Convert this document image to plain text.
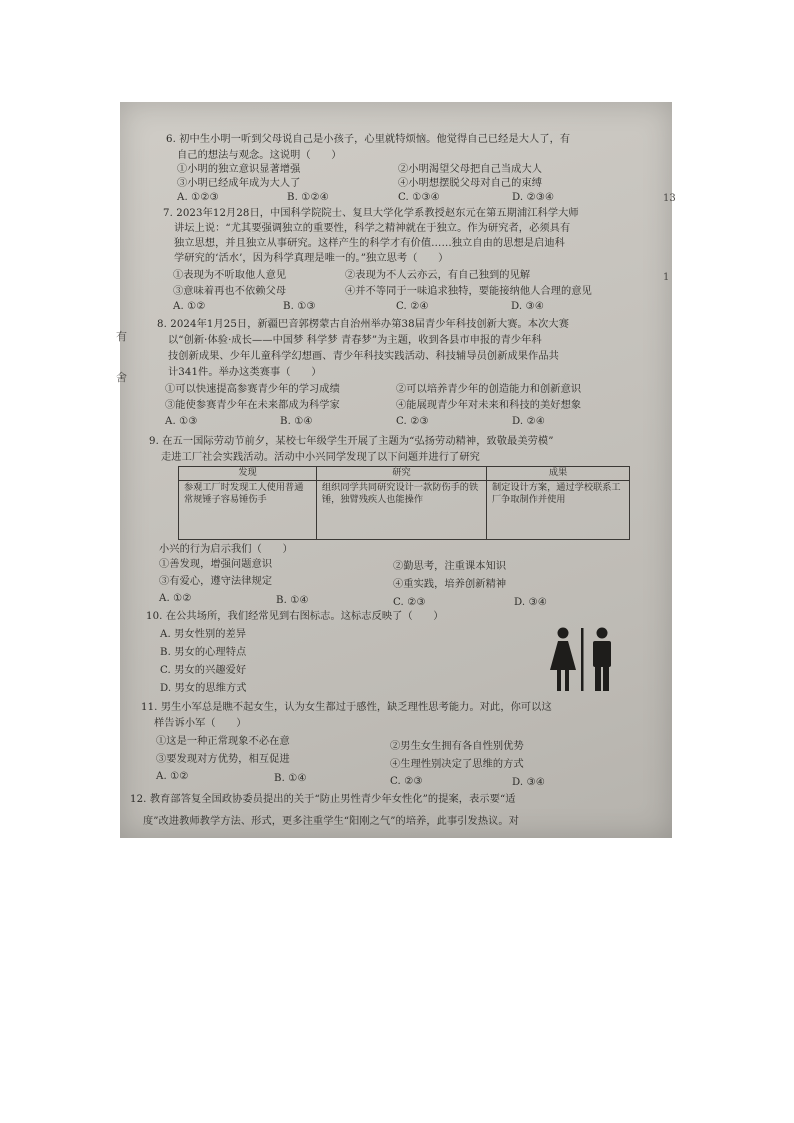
有
舍
13
1
6. 初中生小明一听到父母说自己是小孩子，心里就特烦恼。他觉得自己已经是大人了，有
自己的想法与观念。这说明（　　）
①小明的独立意识显著增强	②小明渴望父母把自己当成大人
③小明已经成年成为大人了	④小明想摆脱父母对自己的束缚
A. ①②③	B. ①②④	C. ①③④	D. ②③④
7. 2023年12月28日，中国科学院院士、复旦大学化学系教授赵东元在第五期浦江科学大师
讲坛上说：“尤其要强调独立的重要性，科学之精神就在于独立。作为研究者，必须具有
独立思想，并且独立从事研究。这样产生的科学才有价值……独立自由的思想是启迪科
学研究的‘活水’，因为科学真理是唯一的。”独立思考（　　）
①表现为不听取他人意见	②表现为不人云亦云，有自己独到的见解
③意味着再也不依赖父母	④并不等同于一味追求独特，要能接纳他人合理的意见
A. ①②	B. ①③	C. ②④	D. ③④
8. 2024年1月25日，新疆巴音郭楞蒙古自治州举办第38届青少年科技创新大赛。本次大赛
以“创新·体验·成长——中国梦 科学梦 青春梦”为主题，收到各县市申报的青少年科
技创新成果、少年儿童科学幻想画、青少年科技实践活动、科技辅导员创新成果作品共
计341件。举办这类赛事（　　）
①可以快速提高参赛青少年的学习成绩	②可以培养青少年的创造能力和创新意识
③能使参赛青少年在未来都成为科学家	④能展现青少年对未来和科技的美好想象
A. ①③	B. ①④	C. ②③	D. ②④
9. 在五一国际劳动节前夕，某校七年级学生开展了主题为“弘扬劳动精神，致敬最美劳模”
走进工厂社会实践活动。活动中小兴同学发现了以下问题并进行了研究
发现	研究	成果
参观工厂时发现工人使用普通常规锤子容易锤伤手	组织同学共同研究设计一款防伤手的铁锤，独臂残疾人也能操作	制定设计方案，通过学校联系工厂争取制作并使用
小兴的行为启示我们（　　）
①善发现，增强问题意识	②勤思考，注重课本知识
③有爱心，遵守法律规定	④重实践，培养创新精神
A. ①②	B. ①④	C. ②③	D. ③④
10. 在公共场所，我们经常见到右图标志。这标志反映了（　　）
A. 男女性别的差异
B. 男女的心理特点
C. 男女的兴趣爱好
D. 男女的思维方式
11. 男生小军总是瞧不起女生，认为女生都过于感性，缺乏理性思考能力。对此，你可以这
样告诉小军（　　）
①这是一种正常现象不必在意	②男生女生拥有各自性别优势
③要发现对方优势，相互促进	④生理性别决定了思维的方式
A. ①②	B. ①④	C. ②③	D. ③④
12. 教育部答复全国政协委员提出的关于“防止男性青少年女性化”的提案，表示要“适
度”改进教师教学方法、形式，更多注重学生“阳刚之气”的培养，此事引发热议。对
